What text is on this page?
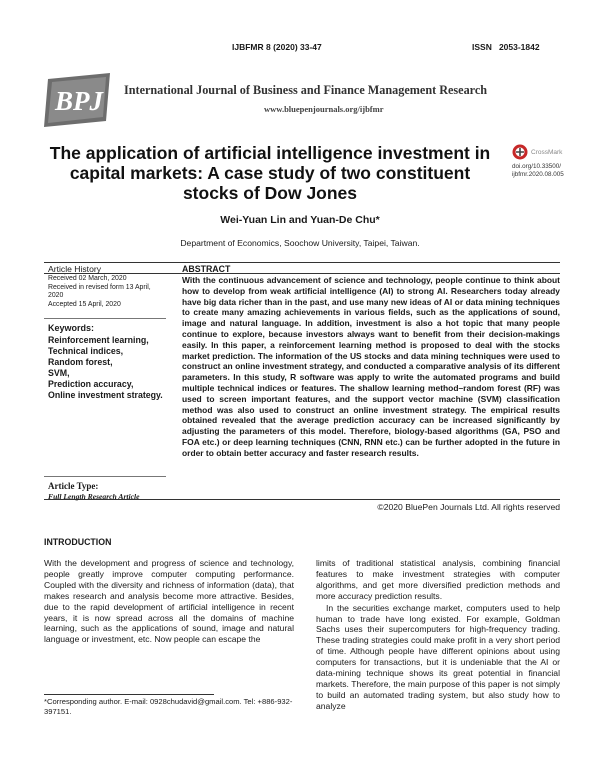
IJBFMR 8 (2020) 33-47	ISSN 2053-1842
BPJ International Journal of Business and Finance Management Research
www.bluepenjournals.org/ijbfmr
CrossMark
doi.org/10.33500/
ijbfmr.2020.08.005
The application of artificial intelligence investment in capital markets: A case study of two constituent stocks of Dow Jones
Wei-Yuan Lin and Yuan-De Chu*
Department of Economics, Soochow University, Taipei, Taiwan.
Article History
Received 02 March, 2020
Received in revised form 13 April, 2020
Accepted 15 April, 2020
Keywords:
Reinforcement learning,
Technical indices,
Random forest,
SVM,
Prediction accuracy,
Online investment strategy.
Article Type:
Full Length Research Article
ABSTRACT

With the continuous advancement of science and technology, people continue to think about how to develop from weak artificial intelligence (AI) to strong AI. Researchers today already have big data richer than in the past, and use many new ideas of AI or data mining techniques to create many amazing achievements in various fields, such as the applications of sound, image and natural language. In addition, investment is also a hot topic that many people continue to explore, because investors always want to benefit from their decision-makings easily. In this paper, a reinforcement learning method is proposed to deal with the stocks market prediction. The information of the US stocks and data mining techniques were used to construct an online investment strategy, and conducted a comparative analysis of its different parameters. In this study, R software was apply to write the automated programs and build multiple technical indices or features. The shallow learning method–random forest (RF) was used to screen important features, and the support vector machine (SVM) classification method was also used to construct an online investment strategy. The empirical results obtained revealed that the average prediction accuracy can be increased significantly by adjusting the parameters of this model. Therefore, biology-based algorithms (GA, PSO and FOA etc.) or deep learning techniques (CNN, RNN etc.) can be further adopted in the future in order to obtain better accuracy and faster research results.

©2020 BluePen Journals Ltd. All rights reserved
INTRODUCTION

With the development and progress of science and technology, people greatly improve computer computing performance. Coupled with the diversity and richness of information (data), that makes research and analysis become more attractive. Besides, due to the rapid development of artificial intelligence in recent years, it is now spread across all the domains of machine learning, such as the applications of sound, image and natural language or investment, etc. Now people can escape the

limits of traditional statistical analysis, combining financial features to make investment strategies with computer algorithms, and get more diversified prediction methods and more accuracy prediction results.

In the securities exchange market, computers used to help human to trade have long existed. For example, Goldman Sachs uses their supercomputers for high-frequency trading. These trading strategies could make profit in a very short period of time. Although people have different opinions about using computers for transactions, but it is undeniable that the AI or data-mining technique shows its great potential in financial markets. Therefore, the main purpose of this paper is not simply to build an automated trading system, but also study how to analyze

*Corresponding author. E-mail: 0928chudavid@gmail.com. Tel: +886-932-397151.
